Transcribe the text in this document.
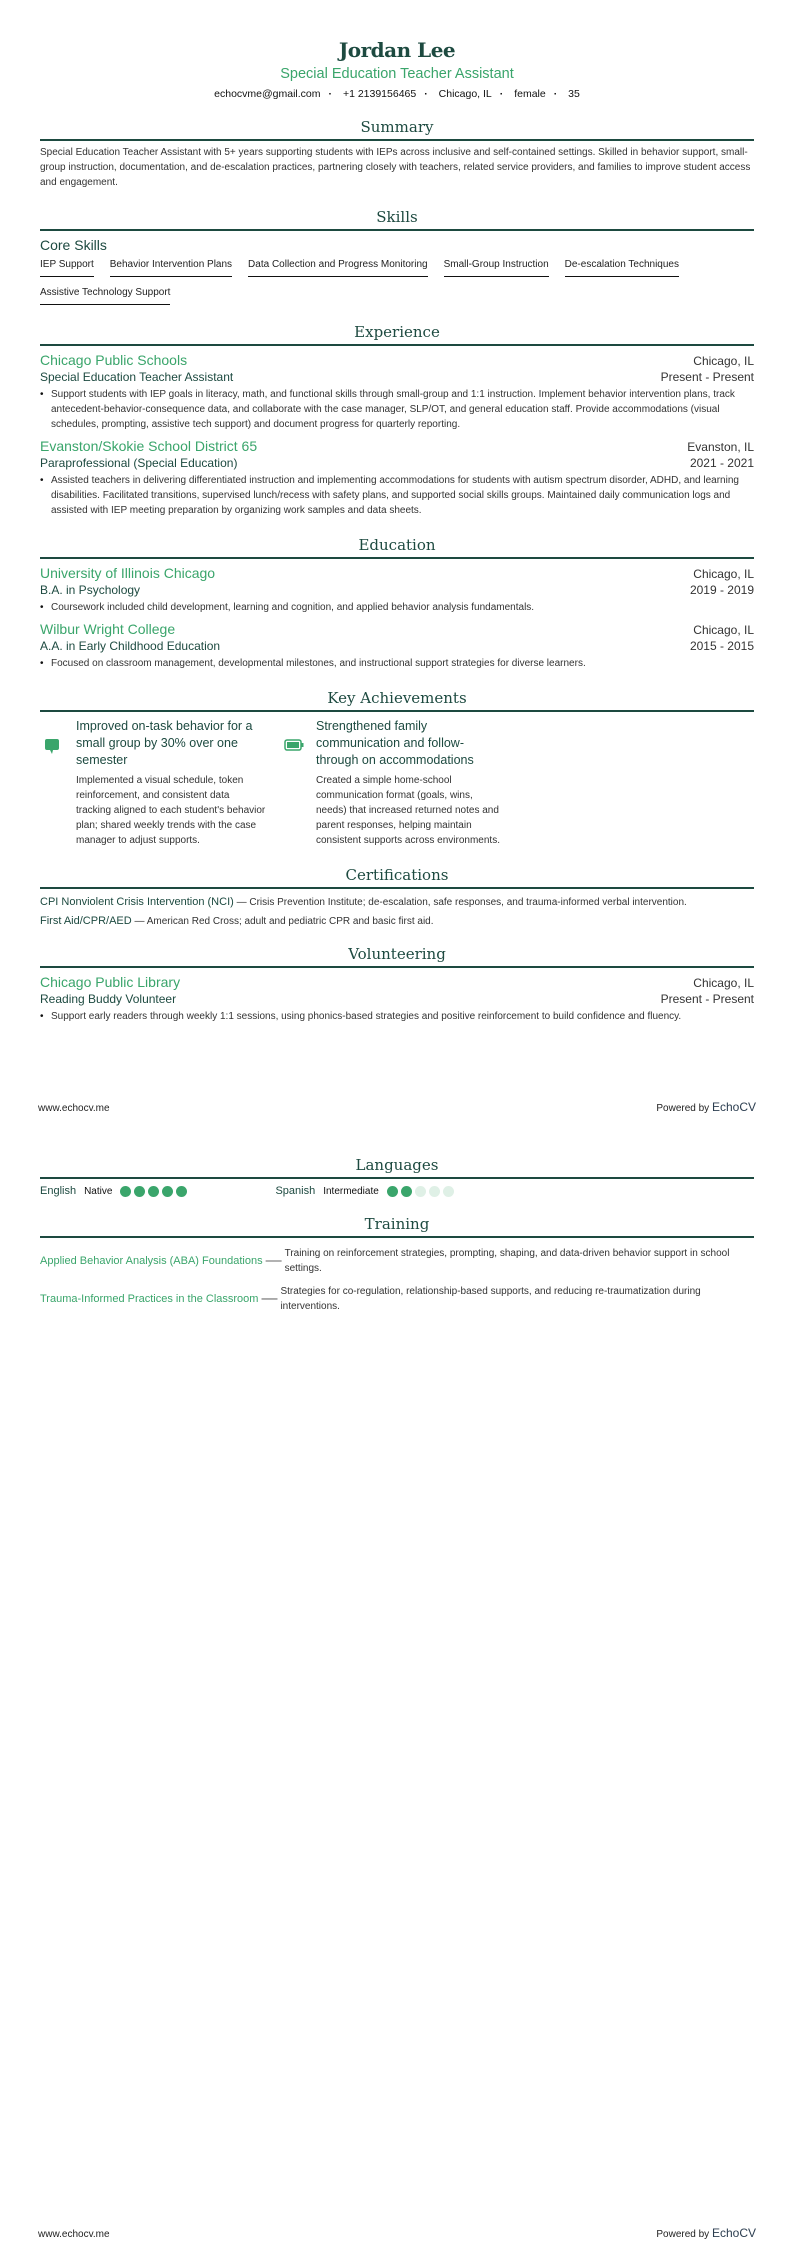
Jordan Lee
Special Education Teacher Assistant
echocvme@gmail.com · +1 2139156465 · Chicago, IL · female · 35
Summary
Special Education Teacher Assistant with 5+ years supporting students with IEPs across inclusive and self-contained settings. Skilled in behavior support, small-group instruction, documentation, and de-escalation practices, partnering closely with teachers, related service providers, and families to improve student access and engagement.
Skills
Core Skills
IEP Support Behavior Intervention Plans Data Collection and Progress Monitoring Small-Group Instruction De-escalation Techniques
Assistive Technology Support
Experience
Chicago Public Schools	Chicago, IL
Special Education Teacher Assistant	Present - Present
• Support students with IEP goals in literacy, math, and functional skills through small-group and 1:1 instruction. Implement behavior intervention plans, track antecedent-behavior-consequence data, and collaborate with the case manager, SLP/OT, and general education staff. Provide accommodations (visual schedules, prompting, assistive tech support) and document progress for quarterly reporting.
Evanston/Skokie School District 65	Evanston, IL
Paraprofessional (Special Education)	2021 - 2021
• Assisted teachers in delivering differentiated instruction and implementing accommodations for students with autism spectrum disorder, ADHD, and learning disabilities. Facilitated transitions, supervised lunch/recess with safety plans, and supported social skills groups. Maintained daily communication logs and assisted with IEP meeting preparation by organizing work samples and data sheets.
Education
University of Illinois Chicago	Chicago, IL
B.A. in Psychology	2019 - 2019
• Coursework included child development, learning and cognition, and applied behavior analysis fundamentals.
Wilbur Wright College	Chicago, IL
A.A. in Early Childhood Education	2015 - 2015
• Focused on classroom management, developmental milestones, and instructional support strategies for diverse learners.
Key Achievements
Improved on-task behavior for a small group by 30% over one semester
Implemented a visual schedule, token reinforcement, and consistent data tracking aligned to each student's behavior plan; shared weekly trends with the case manager to adjust supports.
Strengthened family communication and follow-through on accommodations
Created a simple home-school communication format (goals, wins, needs) that increased returned notes and parent responses, helping maintain consistent supports across environments.
Certifications
CPI Nonviolent Crisis Intervention (NCI) — Crisis Prevention Institute; de-escalation, safe responses, and trauma-informed verbal intervention.
First Aid/CPR/AED — American Red Cross; adult and pediatric CPR and basic first aid.
Volunteering
Chicago Public Library	Chicago, IL
Reading Buddy Volunteer	Present - Present
• Support early readers through weekly 1:1 sessions, using phonics-based strategies and positive reinforcement to build confidence and fluency.
www.echocv.me	Powered by EchoCV
Languages
English Native	Spanish Intermediate
Training
Applied Behavior Analysis (ABA) Foundations — Training on reinforcement strategies, prompting, shaping, and data-driven behavior support in school settings.
Trauma-Informed Practices in the Classroom — Strategies for co-regulation, relationship-based supports, and reducing re-traumatization during interventions.
www.echocv.me	Powered by EchoCV
